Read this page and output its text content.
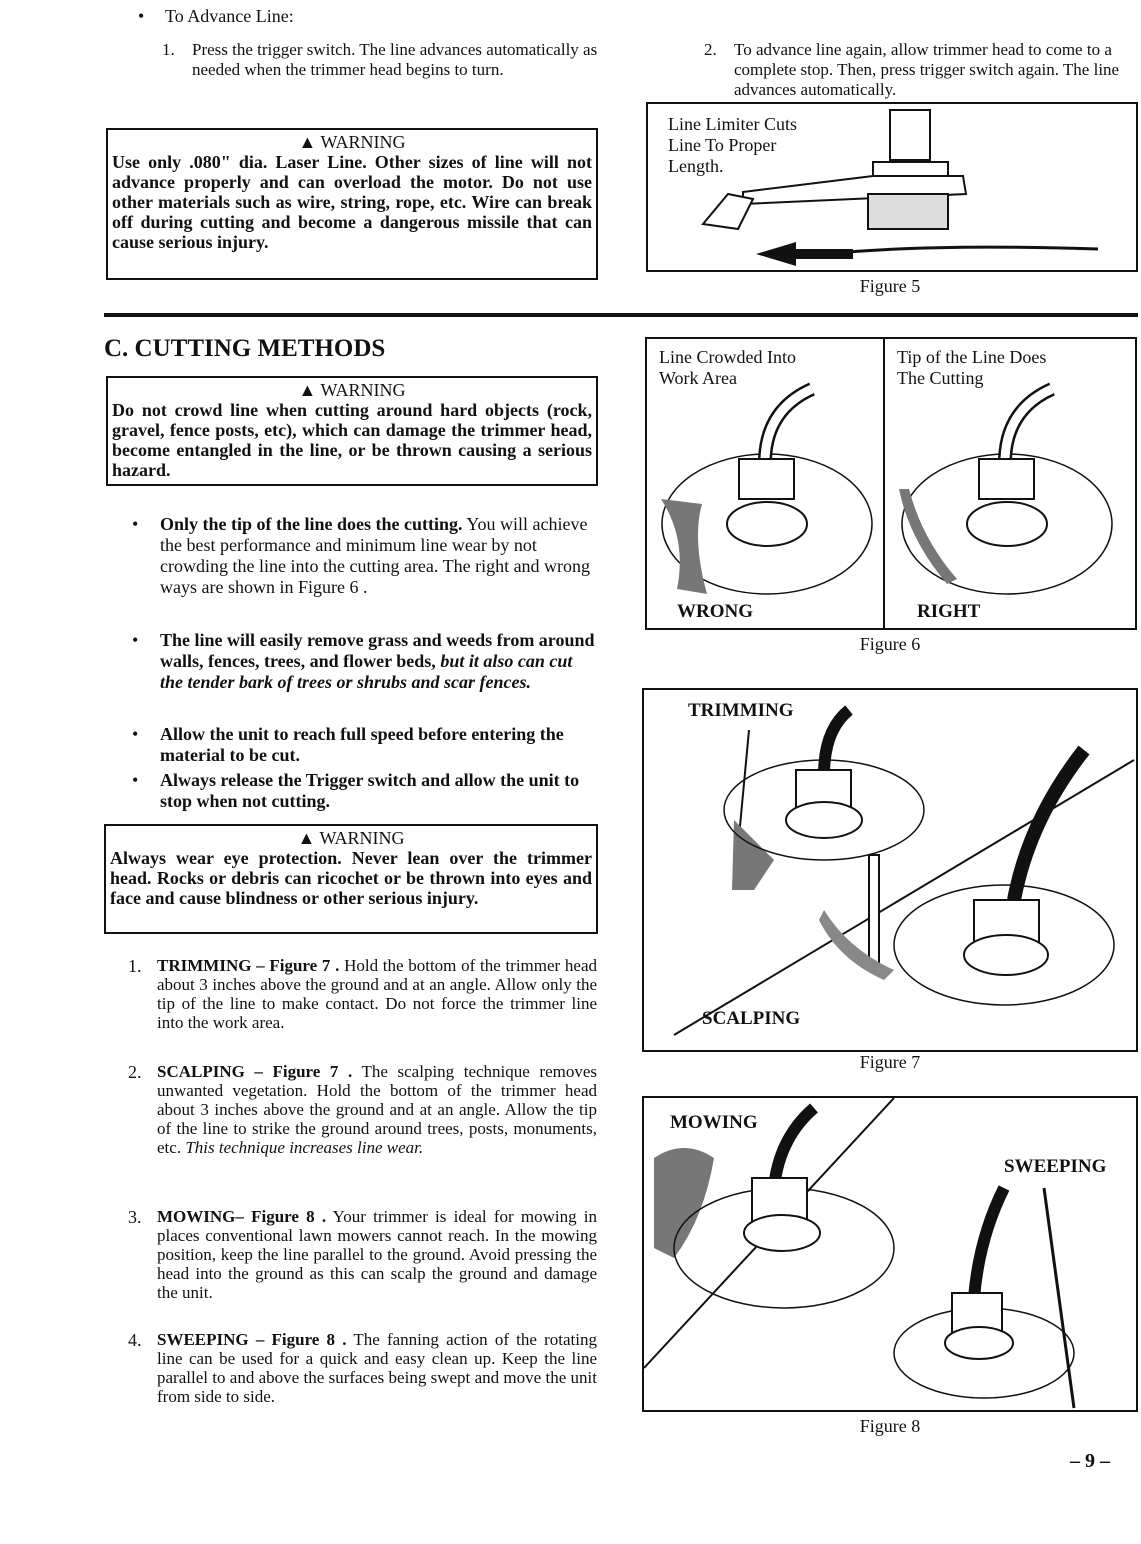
• To Advance Line:
1. Press the trigger switch. The line advances automatically as needed when the trimmer head begins to turn.
2. To advance line again, allow trimmer head to come to a complete stop. Then, press trigger switch again. The line advances automatically.
▲ WARNING
Use only .080" dia. Laser Line. Other sizes of line will not advance properly and can overload the motor. Do not use other materials such as wire, string, rope, etc. Wire can break off during cutting and become a dangerous missile that can cause serious injury.
Line Limiter Cuts Line To Proper Length.
Figure 5
C. CUTTING METHODS
▲ WARNING
Do not crowd line when cutting around hard objects (rock, gravel, fence posts, etc), which can damage the trimmer head, become entangled in the line, or be thrown causing a serious hazard.
• Only the tip of the line does the cutting. You will achieve the best performance and minimum line wear by not crowding the line into the cutting area. The right and wrong ways are shown in Figure 6 .
• The line will easily remove grass and weeds from around walls, fences, trees, and flower beds, but it also can cut the tender bark of trees or shrubs and scar fences.
• Allow the unit to reach full speed before entering the material to be cut.
• Always release the Trigger switch and allow the unit to stop when not cutting.
▲ WARNING
Always wear eye protection. Never lean over the trimmer head. Rocks or debris can ricochet or be thrown into eyes and face and cause blindness or other serious injury.
1. TRIMMING – Figure 7 . Hold the bottom of the trimmer head about 3 inches above the ground and at an angle. Allow only the tip of the line to make contact. Do not force the trimmer line into the work area.
2. SCALPING – Figure 7 . The scalping technique removes unwanted vegetation. Hold the bottom of the trimmer head about 3 inches above the ground and at an angle. Allow the tip of the line to strike the ground around trees, posts, monuments, etc. This technique increases line wear.
3. MOWING– Figure 8 . Your trimmer is ideal for mowing in places conventional lawn mowers cannot reach. In the mowing position, keep the line parallel to the ground. Avoid pressing the head into the ground as this can scalp the ground and damage the unit.
4. SWEEPING – Figure 8 . The fanning action of the rotating line can be used for a quick and easy clean up. Keep the line parallel to and above the surfaces being swept and move the unit from side to side.
Line Crowded Into Work Area
Tip of the Line Does The Cutting
WRONG	RIGHT
Figure 6
TRIMMING
SCALPING
Figure 7
MOWING
SWEEPING
Figure 8
– 9 –
